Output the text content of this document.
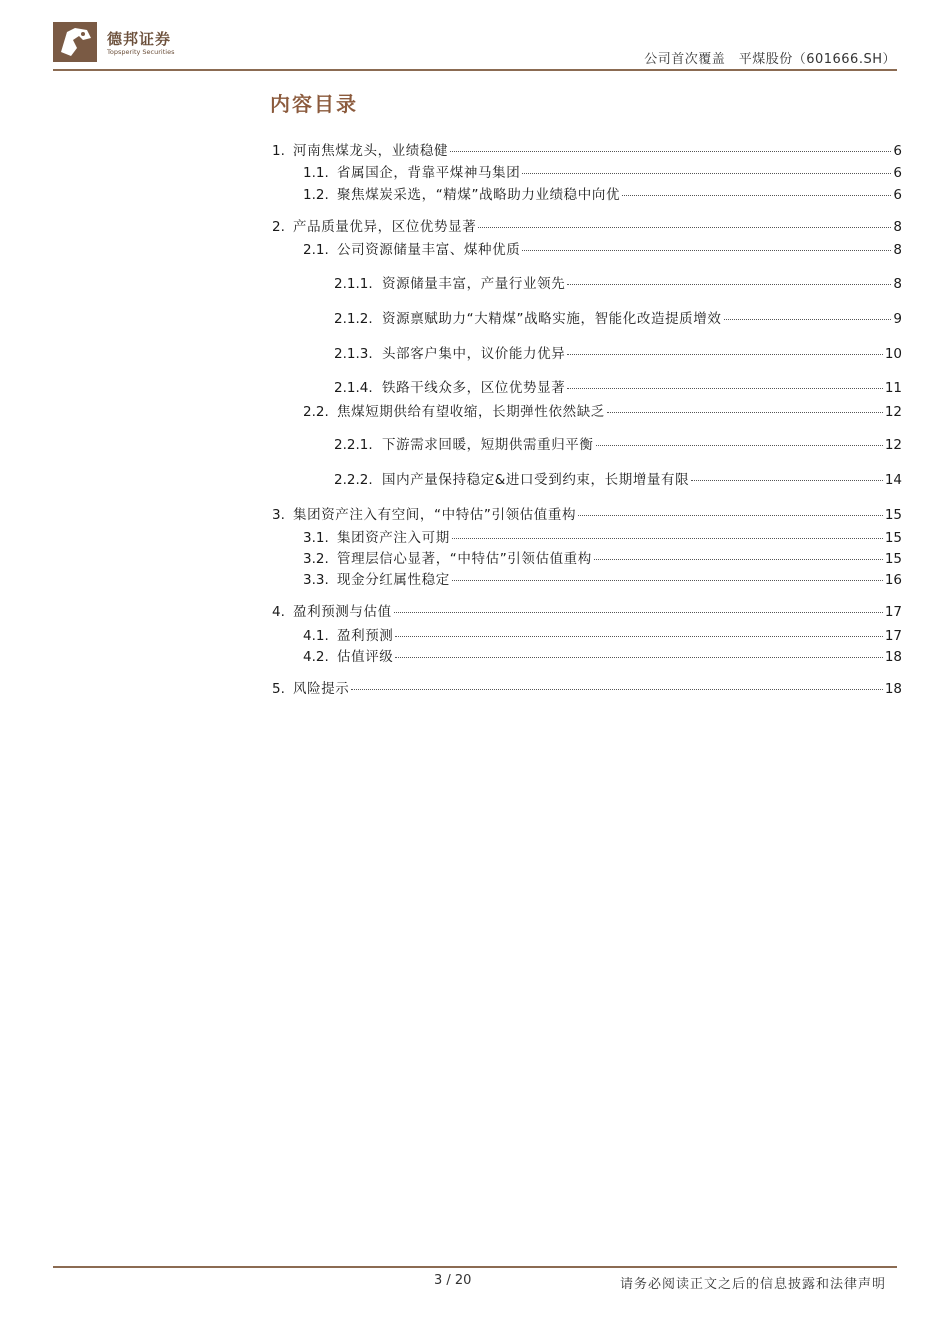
德邦证券
Topsperity Securities	公司首次覆盖　平煤股份（601666.SH）
内容目录
1. 河南焦煤龙头，业绩稳健	6
1.1. 省属国企，背靠平煤神马集团	6
1.2. 聚焦煤炭采选，“精煤”战略助力业绩稳中向优	6
2. 产品质量优异，区位优势显著	8
2.1. 公司资源储量丰富、煤种优质	8
2.1.1. 资源储量丰富，产量行业领先	8
2.1.2. 资源禀赋助力“大精煤”战略实施，智能化改造提质增效	9
2.1.3. 头部客户集中，议价能力优异	10
2.1.4. 铁路干线众多，区位优势显著	11
2.2. 焦煤短期供给有望收缩，长期弹性依然缺乏	12
2.2.1. 下游需求回暖，短期供需重归平衡	12
2.2.2. 国内产量保持稳定&进口受到约束，长期增量有限	14
3. 集团资产注入有空间，“中特估”引领估值重构	15
3.1. 集团资产注入可期	15
3.2. 管理层信心显著，“中特估”引领估值重构	15
3.3. 现金分红属性稳定	16
4. 盈利预测与估值	17
4.1. 盈利预测	17
4.2. 估值评级	18
5. 风险提示	18
3 / 20	请务必阅读正文之后的信息披露和法律声明
